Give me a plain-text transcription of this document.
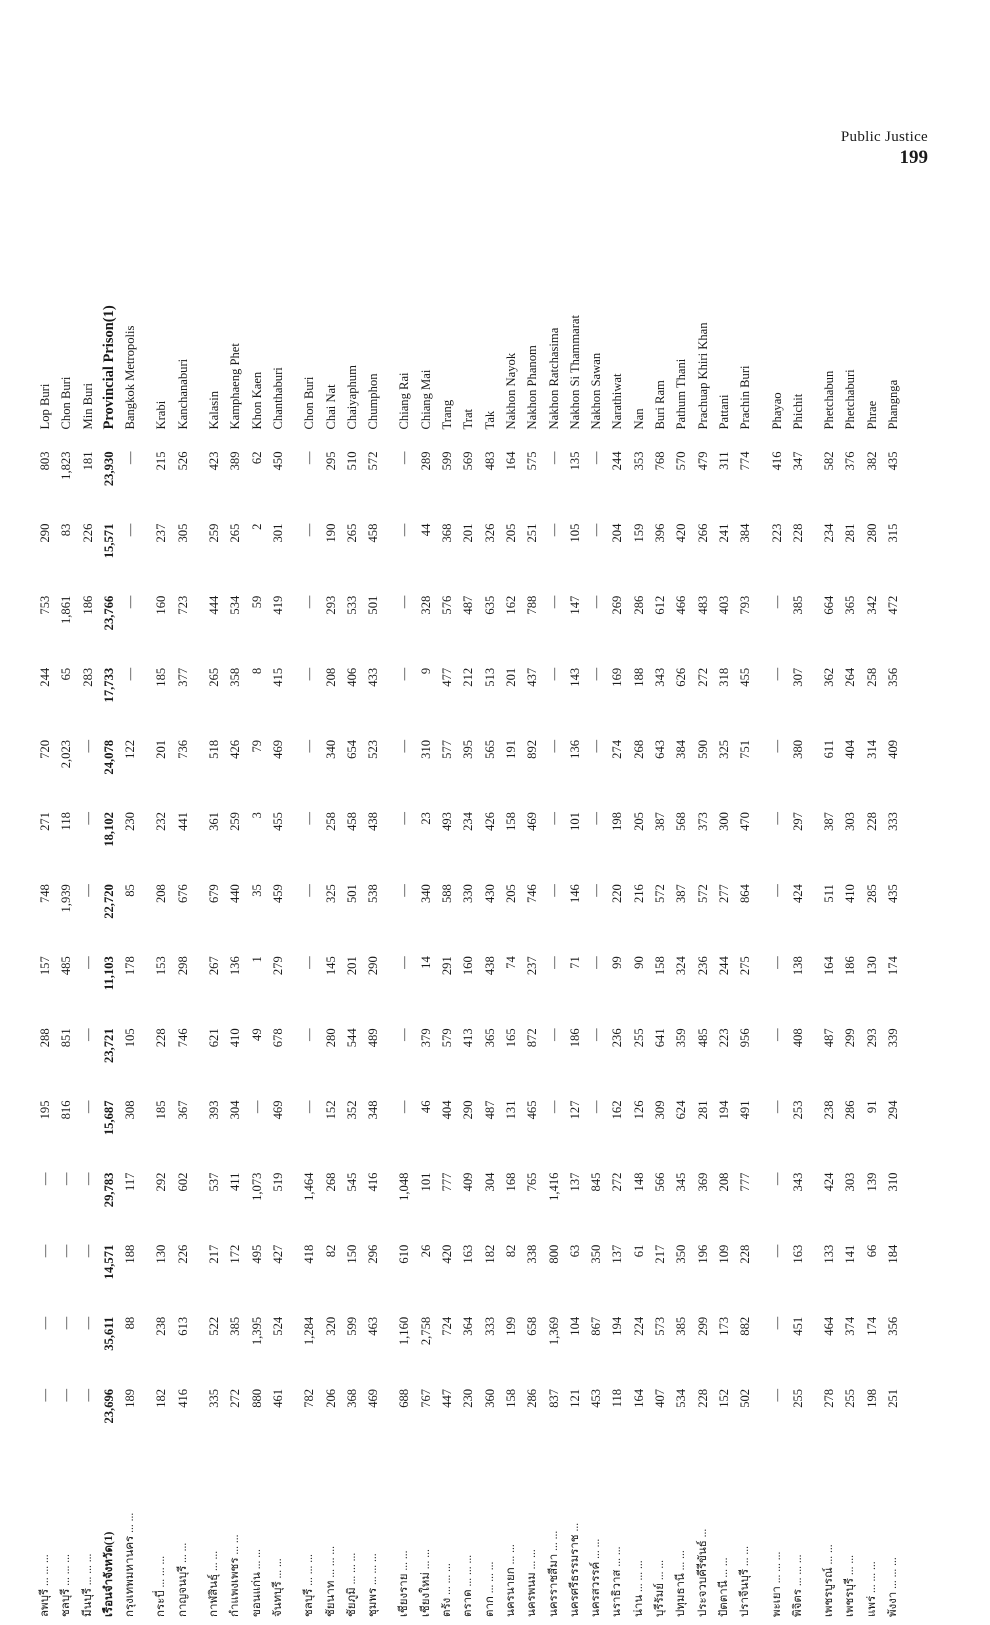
Public Justice
199
ลพบุรี ... ... ...	—	—	—	—	195	288	157	748	271	720	244	753	290	803	Lop Buri
ชลบุรี ... ... ...	—	—	—	—	816	851	485	1,939	118	2,023	65	1,861	83	1,823	Chon Buri
มีนบุรี ... ... ...	—	—	—	—	—	—	—	—	—	—	283	186	226	181	Min Buri
เรือนจำจังหวัด(1)	23,696	35,611	14,571	29,783	15,687	23,721	11,103	22,720	18,102	24,078	17,733	23,766	15,571	23,930	Provincial Prison(1)
กรุงเทพมหานคร ... ...	189	88	188	117	308	105	178	85	230	122	—	—	—	—	Bangkok Metropolis
กระบี่ ... ... ...	182	238	130	292	185	228	153	208	232	201	185	160	237	215	Krabi
กาญจนบุรี ... ...	416	613	226	602	367	746	298	676	441	736	377	723	305	526	Kanchanaburi
กาฬสินธุ์ ... ...	335	522	217	537	393	621	267	679	361	518	265	444	259	423	Kalasin
กำแพงเพชร ... ...	272	385	172	411	304	410	136	440	259	426	358	534	265	389	Kamphaeng Phet
ขอนแก่น ... ...	880	1,395	495	1,073	—	49	1	35	3	79	8	59	2	62	Khon Kaen
จันทบุรี ... ...	461	524	427	519	469	678	279	459	455	469	415	419	301	450	Chanthaburi
ชลบุรี ... ... ...	782	1,284	418	1,464	—	—	—	—	—	—	—	—	—	—	Chon Buri
ชัยนาท ... ... ...	206	320	82	268	152	280	145	325	258	340	208	293	190	295	Chai Nat
ชัยภูมิ ... ... ...	368	599	150	545	352	544	201	501	458	654	406	533	265	510	Chaiyaphum
ชุมพร ... ... ...	469	463	296	416	348	489	290	538	438	523	433	501	458	572	Chumphon
เชียงราย ... ...	688	1,160	610	1,048	—	—	—	—	—	—	—	—	—	—	Chiang Rai
เชียงใหม่ ... ...	767	2,758	26	101	46	379	14	340	23	310	9	328	44	289	Chiang Mai
ตรัง ... ... ...	447	724	420	777	404	579	291	588	493	577	477	576	368	599	Trang
ตราด ... ... ...	230	364	163	409	290	413	160	330	234	395	212	487	201	569	Trat
ตาก ... ... ...	360	333	182	304	487	365	438	430	426	565	513	635	326	483	Tak
นครนายก ... ...	158	199	82	168	131	165	74	205	158	191	201	162	205	164	Nakhon Nayok
นครพนม ... ...	286	658	338	765	465	872	237	746	469	892	437	788	251	575	Nakhon Phanom
นครราชสีมา ... ...	837	1,369	800	1,416	—	—	—	—	—	—	—	—	—	—	Nakhon Ratchasima
นครศรีธรรมราช ...	121	104	63	137	127	186	71	146	101	136	143	147	105	135	Nakhon Si Thammarat
นครสวรรค์ ... ...	453	867	350	845	—	—	—	—	—	—	—	—	—	—	Nakhon Sawan
นราธิวาส ... ...	118	194	137	272	162	236	99	220	198	274	169	269	204	244	Narathiwat
น่าน ... ... ...	164	224	61	148	126	255	90	216	205	268	188	286	159	353	Nan
บุรีรัมย์ ... ...	407	573	217	566	309	641	158	572	387	643	343	612	396	768	Buri Ram
ปทุมธานี ... ...	534	385	350	345	624	359	324	387	568	384	626	466	420	570	Pathum Thani
ประจวบคีรีขันธ์ ...	228	299	196	369	281	485	236	572	373	590	272	483	266	479	Prachuap Khiri Khan
ปัตตานี ... ...	152	173	109	208	194	223	244	277	300	325	318	403	241	311	Pattani
ปราจีนบุรี ... ...	502	882	228	777	491	956	275	864	470	751	455	793	384	774	Prachin Buri
พะเยา ... ... ...	—	—	—	—	—	—	—	—	—	—	—	—	223	416	Phayao
พิจิตร ... ... ...	255	451	163	343	253	408	138	424	297	380	307	385	228	347	Phichit
เพชรบูรณ์ ... ...	278	464	133	424	238	487	164	511	387	611	362	664	234	582	Phetchabun
เพชรบุรี ... ...	255	374	141	303	286	299	186	410	303	404	264	365	281	376	Phetchaburi
แพร่ ... ... ...	198	174	66	139	91	293	130	285	228	314	258	342	280	382	Phrae
พังงา ... ... ...	251	356	184	310	294	339	174	435	333	409	356	472	315	435	Phangnga
